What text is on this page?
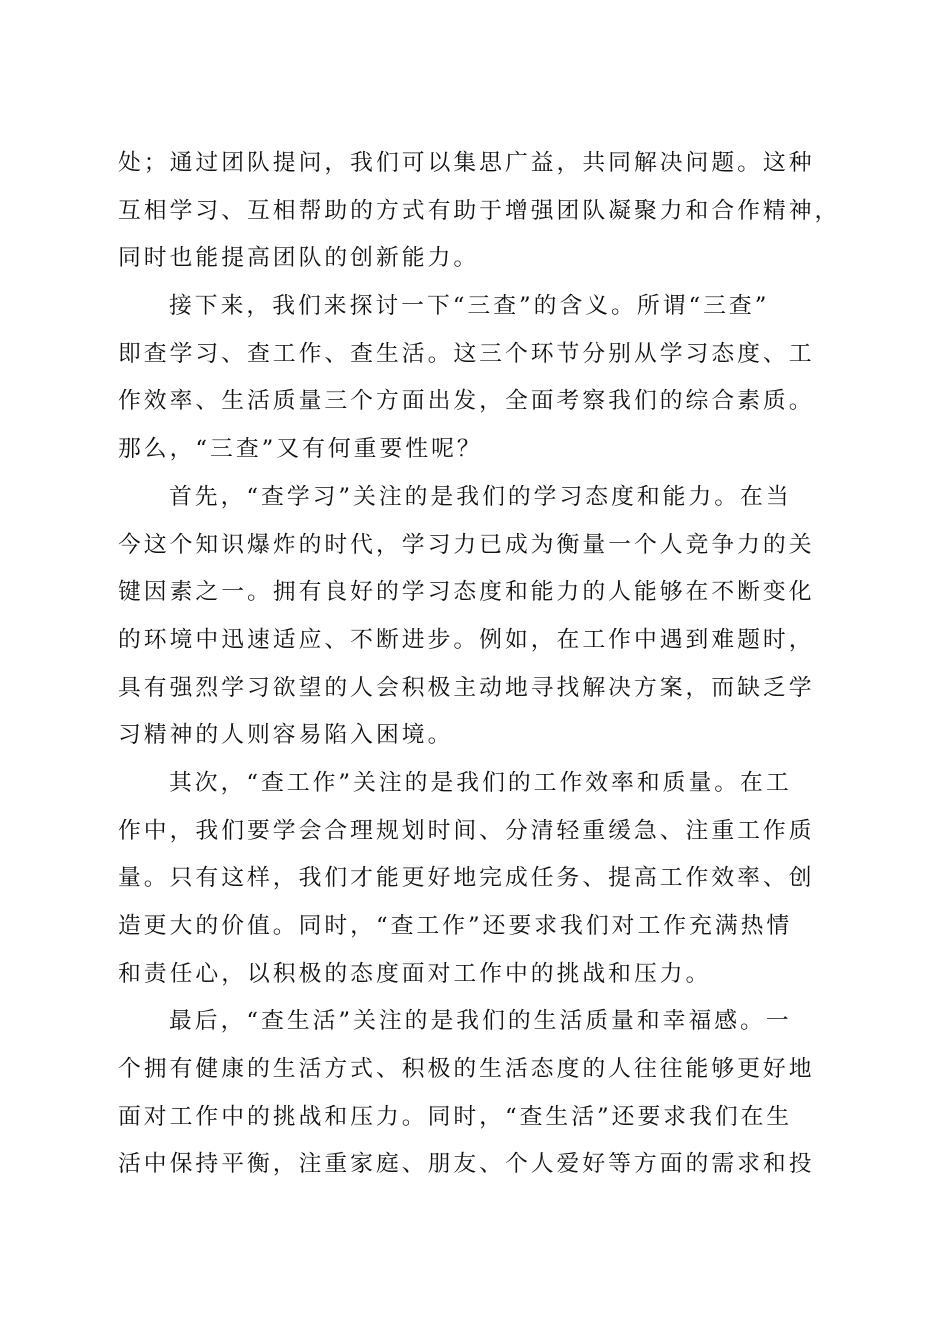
处；通过团队提问，我们可以集思广益，共同解决问题。这种
互相学习、互相帮助的方式有助于增强团队凝聚力和合作精神，
同时也能提高团队的创新能力。
接下来，我们来探讨一下“三查”的含义。所谓“三查”
即查学习、查工作、查生活。这三个环节分别从学习态度、工
作效率、生活质量三个方面出发，全面考察我们的综合素质。
那么，“三查”又有何重要性呢？
首先，“查学习”关注的是我们的学习态度和能力。在当
今这个知识爆炸的时代，学习力已成为衡量一个人竞争力的关
键因素之一。拥有良好的学习态度和能力的人能够在不断变化
的环境中迅速适应、不断进步。例如，在工作中遇到难题时，
具有强烈学习欲望的人会积极主动地寻找解决方案，而缺乏学
习精神的人则容易陷入困境。
其次，“查工作”关注的是我们的工作效率和质量。在工
作中，我们要学会合理规划时间、分清轻重缓急、注重工作质
量。只有这样，我们才能更好地完成任务、提高工作效率、创
造更大的价值。同时，“查工作”还要求我们对工作充满热情
和责任心，以积极的态度面对工作中的挑战和压力。
最后，“查生活”关注的是我们的生活质量和幸福感。一
个拥有健康的生活方式、积极的生活态度的人往往能够更好地
面对工作中的挑战和压力。同时，“查生活”还要求我们在生
活中保持平衡，注重家庭、朋友、个人爱好等方面的需求和投
